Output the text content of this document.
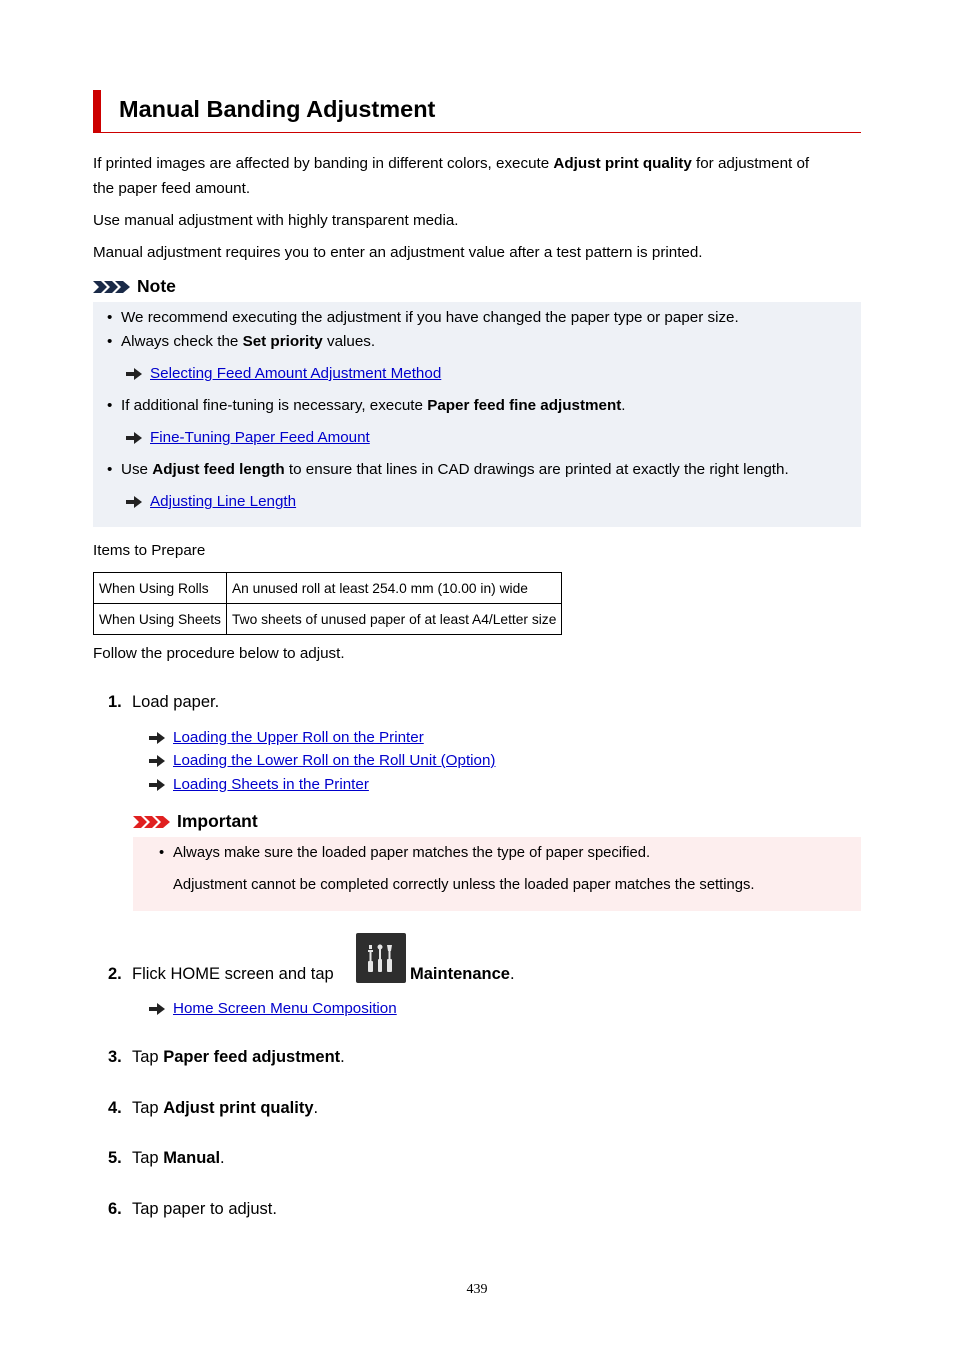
Manual Banding Adjustment

If printed images are affected by banding in different colors, execute Adjust print quality for adjustment of
the paper feed amount.

Use manual adjustment with highly transparent media.

Manual adjustment requires you to enter an adjustment value after a test pattern is printed.

Note
• We recommend executing the adjustment if you have changed the paper type or paper size.
• Always check the Set priority values.
Selecting Feed Amount Adjustment Method
• If additional fine-tuning is necessary, execute Paper feed fine adjustment.
Fine-Tuning Paper Feed Amount
• Use Adjust feed length to ensure that lines in CAD drawings are printed at exactly the right length.
Adjusting Line Length

Items to Prepare

When Using Rolls	An unused roll at least 254.0 mm (10.00 in) wide
When Using Sheets	Two sheets of unused paper of at least A4/Letter size

Follow the procedure below to adjust.

1. Load paper.
Loading the Upper Roll on the Printer
Loading the Lower Roll on the Roll Unit (Option)
Loading Sheets in the Printer
Important
• Always make sure the loaded paper matches the type of paper specified.
Adjustment cannot be completed correctly unless the loaded paper matches the settings.
2. Flick HOME screen and tap	Maintenance.
Home Screen Menu Composition
3. Tap Paper feed adjustment.
4. Tap Adjust print quality.
5. Tap Manual.
6. Tap paper to adjust.
439
